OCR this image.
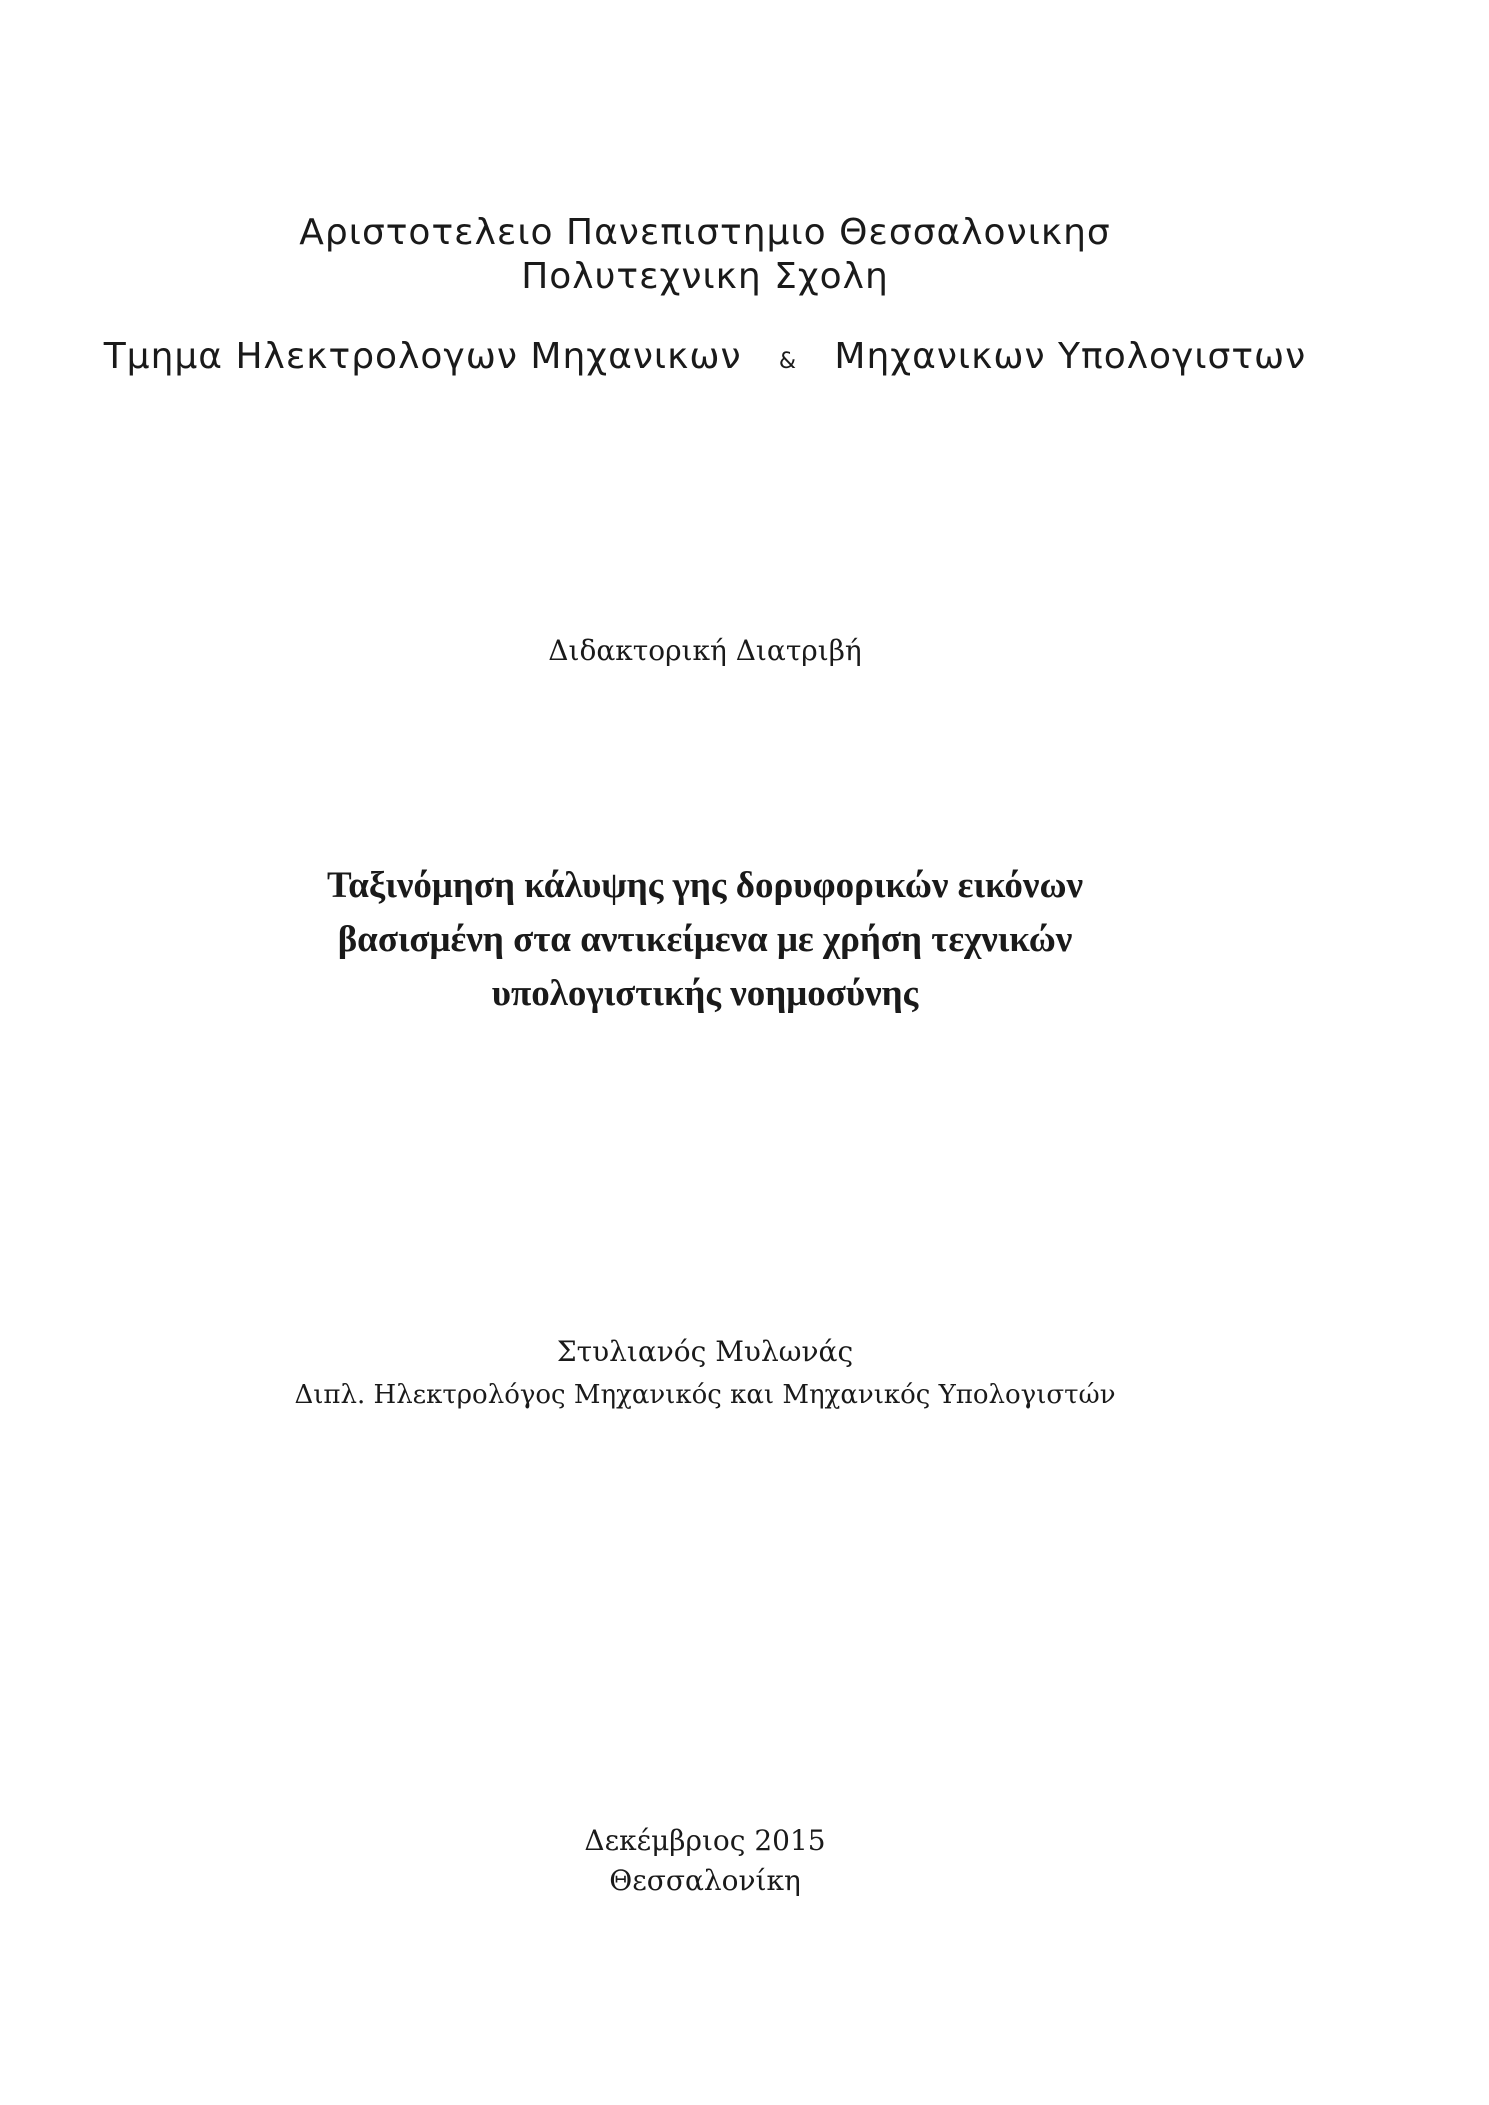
Αριστοτελειο Πανεπιστημιο Θεσσαλονικησ
Πολυτεχνικη Σχολη
Τμημα Ηλεκτρολογων Μηχανικων & Μηχανικων Υπολογιστων
Διδακτορική Διατριβή
Ταξινόμηση κάλυψης γης δορυφορικών εικόνων
βασισμένη στα αντικείμενα με χρήση τεχνικών
υπολογιστικής νοημοσύνης
Στυλιανός Μυλωνάς
Διπλ. Ηλεκτρολόγος Μηχανικός και Μηχανικός Υπολογιστών
Δεκέμβριος 2015
Θεσσαλονίκη
